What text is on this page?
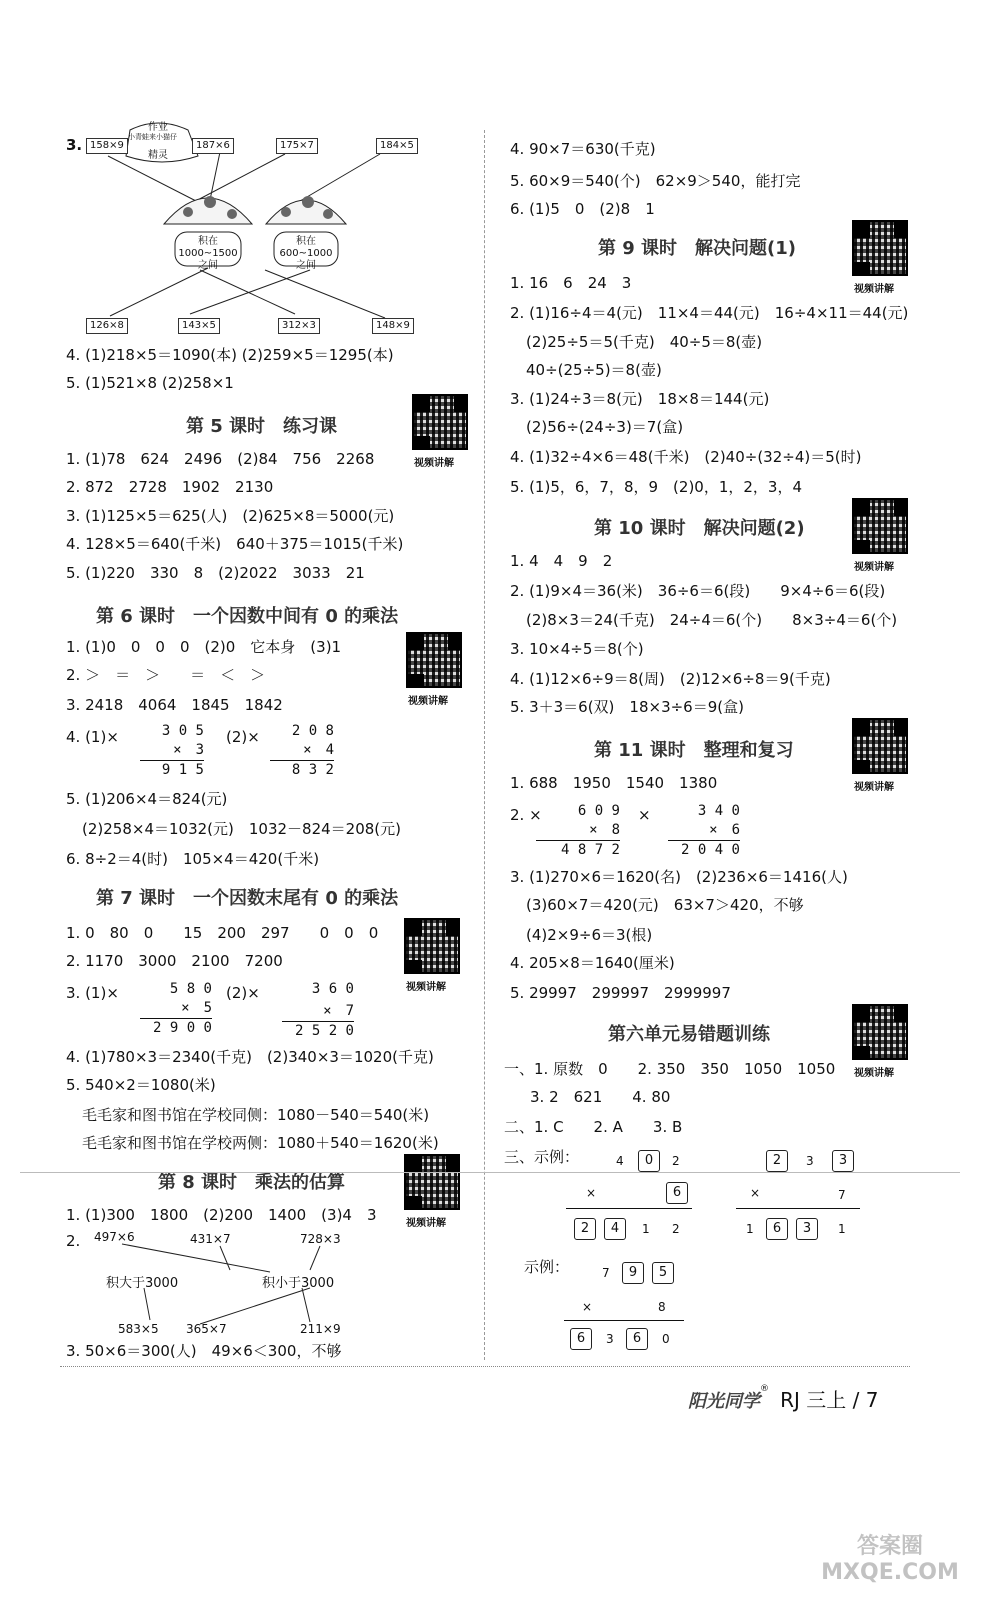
3. 158×9	187×6	175×7	184×5
作业
小青蛙来小猫仔
精灵
积在1000~1500之间
积在600~1000之间
126×8	143×5	312×3	148×9
4. (1)218×5＝1090(本) (2)259×5＝1295(本)
5. (1)521×8 (2)258×1
第 5 课时　练习课
视频讲解
1. (1)78　624　2496　(2)84　756　2268
2. 872　2728　1902　2130
3. (1)125×5＝625(人)　(2)625×8＝5000(元)
4. 128×5＝640(千米)　640＋375＝1015(千米)
5. (1)220　330　8　(2)2022　3033　21
第 6 课时　一个因数中间有 0 的乘法
1. (1)0　0　0　0　(2)0　它本身　(3)1
视频讲解
2. ＞　＝　＞　　＝　＜　＞
3. 2418　4064　1845　1842
4. (1)×	(2)×
3 0 5
×　3
9 1 5
2 0 8
×　4
8 3 2
5. (1)206×4＝824(元)
(2)258×4＝1032(元)　1032－824＝208(元)
6. 8÷2＝4(时)　105×4＝420(千米)
第 7 课时　一个因数末尾有 0 的乘法
1. 0　80　0　　15　200　297　　0　0　0
视频讲解
2. 1170　3000　2100　7200
3. (1)×	(2)×
5 8 0
×　5
2 9 0 0
3 6 0
×　7
2 5 2 0
4. (1)780×3＝2340(千克)　(2)340×3＝1020(千克)
5. 540×2＝1080(米)
毛毛家和图书馆在学校同侧：1080－540＝540(米)
毛毛家和图书馆在学校两侧：1080＋540＝1620(米)
第 8 课时　乘法的估算
视频讲解
1. (1)300　1800　(2)200　1400　(3)4　3
2. 497×6	431×7	728×3
积大于3000	积小于3000
583×5 365×7	211×9
3. 50×6＝300(人)　49×6＜300，不够
4. 90×7＝630(千克)
5. 60×9＝540(个)　62×9＞540，能打完
6. (1)5　0　(2)8　1
第 9 课时　解决问题(1)
视频讲解
1. 16　6　24　3
2. (1)16÷4＝4(元)　11×4＝44(元)　16÷4×11＝44(元)
(2)25÷5＝5(千克)　40÷5＝8(壶)
40÷(25÷5)＝8(壶)
3. (1)24÷3＝8(元)　18×8＝144(元)
(2)56÷(24÷3)＝7(盒)
4. (1)32÷4×6＝48(千米)　(2)40÷(32÷4)＝5(时)
5. (1)5，6，7，8，9　(2)0，1，2，3，4
第 10 课时　解决问题(2)
视频讲解
1. 4　4　9　2
2. (1)9×4＝36(米)　36÷6＝6(段)　　9×4÷6＝6(段)
(2)8×3＝24(千克)　24÷4＝6(个)　　8×3÷4＝6(个)
3. 10×4÷5＝8(个)
4. (1)12×6÷9＝8(周)　(2)12×6÷8＝9(千克)
5. 3＋3＝6(双)　18×3÷6＝9(盒)
第 11 课时　整理和复习
视频讲解
1. 688　1950　1540　1380
2. ×	×
6 0 9
×　8
4 8 7 2
3 4 0
×　6
2 0 4 0
3. (1)270×6＝1620(名)　(2)236×6＝1416(人)
(3)60×7＝420(元)　63×7＞420，不够
(4)2×9÷6＝3(根)
4. 205×8＝1640(厘米)
5. 29997　299997　2999997
第六单元易错题训练
视频讲解
一、1. 原数　0　　2. 350　350　1050　1050
3. 2　621　　4. 80
二、1. C　　2. A　　3. B
三、示例：	4	0	2
×	6
2	4	1 2
2	3	3
×	7
1	6	3	1
示例：	7	9	5
×	8
6	3	6	0
阳光同学® RJ 三上 / 7
答案圈 MXQE.COM
